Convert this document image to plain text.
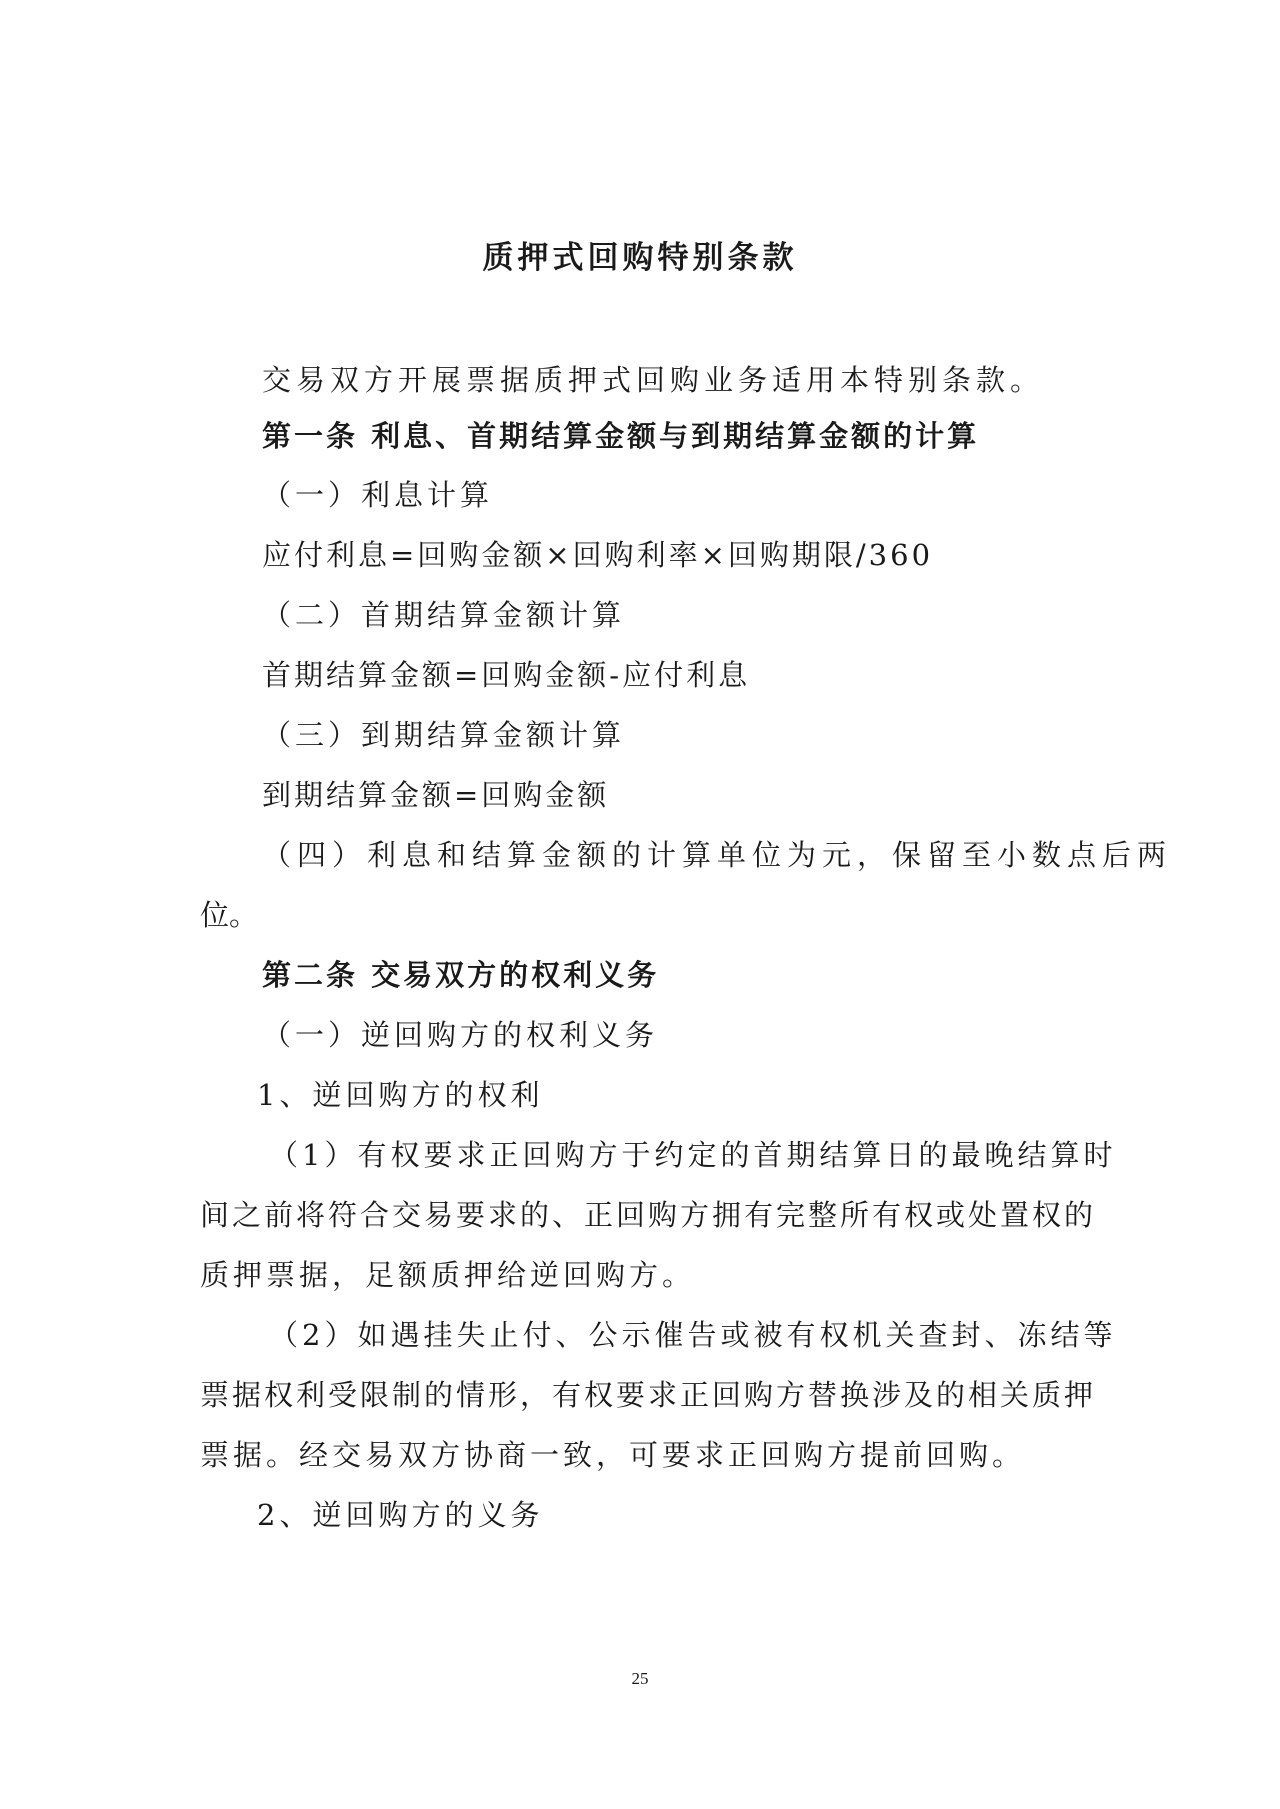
质押式回购特别条款
交易双方开展票据质押式回购业务适用本特别条款。
第一条 利息、首期结算金额与到期结算金额的计算
（一）利息计算
应付利息=回购金额×回购利率×回购期限/360
（二）首期结算金额计算
首期结算金额=回购金额-应付利息
（三）到期结算金额计算
到期结算金额=回购金额
（四）利息和结算金额的计算单位为元，保留至小数点后两
位。
第二条 交易双方的权利义务
（一）逆回购方的权利义务
1、逆回购方的权利
（1）有权要求正回购方于约定的首期结算日的最晚结算时
间之前将符合交易要求的、正回购方拥有完整所有权或处置权的
质押票据，足额质押给逆回购方。
（2）如遇挂失止付、公示催告或被有权机关查封、冻结等
票据权利受限制的情形，有权要求正回购方替换涉及的相关质押
票据。经交易双方协商一致，可要求正回购方提前回购。
2、逆回购方的义务
25
